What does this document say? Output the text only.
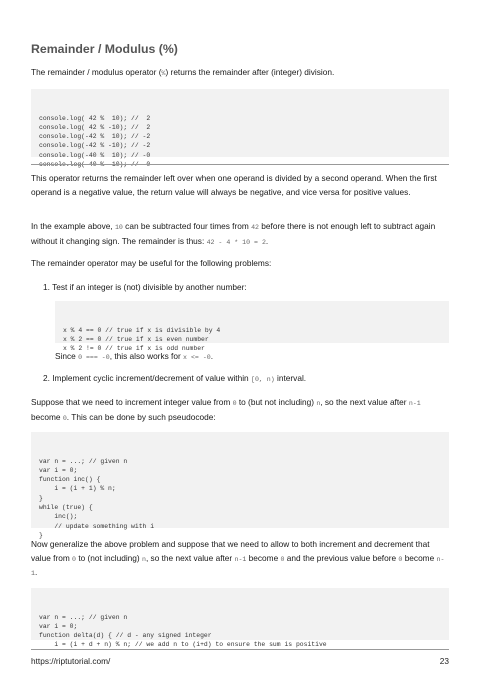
Remainder / Modulus (%)

The remainder / modulus operator (%) returns the remainder after (integer) division.

console.log( 42 %  10); //  2
console.log( 42 % -10); //  2
console.log(-42 %  10); // -2
console.log(-42 % -10); // -2
console.log(-40 %  10); // -0
console.log( 40 %  10); //  0

This operator returns the remainder left over when one operand is divided by a second operand. When the first operand is a negative value, the return value will always be negative, and vice versa for positive values.

In the example above, 10 can be subtracted four times from 42 before there is not enough left to subtract again without it changing sign. The remainder is thus: 42 - 4 * 10 = 2.

The remainder operator may be useful for the following problems:

1. Test if an integer is (not) divisible by another number:

x % 4 == 0 // true if x is divisible by 4
x % 2 == 0 // true if x is even number
x % 2 != 0 // true if x is odd number

Since 0 === -0, this also works for x <= -0.

2. Implement cyclic increment/decrement of value within [0, n) interval.

Suppose that we need to increment integer value from 0 to (but not including) n, so the next value after n-1 become 0. This can be done by such pseudocode:

var n = ...; // given n
var i = 0;
function inc() {
i = (i + 1) % n;
}
while (true) {
inc();
// update something with i
}

Now generalize the above problem and suppose that we need to allow to both increment and decrement that value from 0 to (not including) n, so the next value after n-1 become 0 and the previous value before 0 become n-1.

var n = ...; // given n
var i = 0;
function delta(d) { // d - any signed integer
i = (i + d + n) % n; // we add n to (i+d) to ensure the sum is positive

https://riptutorial.com/	23
